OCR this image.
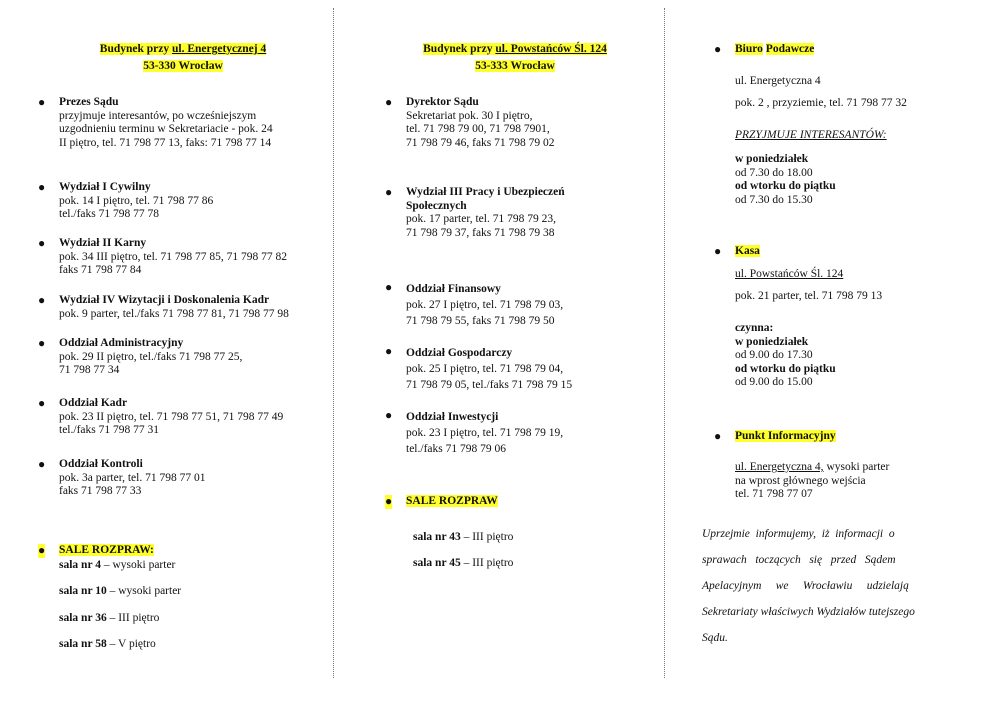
Budynek przy ul. Energetycznej 4
53-330 Wrocław
● Prezes Sądu
przyjmuje interesantów, po wcześniejszym
uzgodnieniu terminu w Sekretariacie - pok. 24
II piętro, tel. 71 798 77 13, faks: 71 798 77 14
● Wydział I Cywilny
pok. 14 I piętro, tel. 71 798 77 86
tel./faks 71 798 77 78
● Wydział II Karny
pok. 34 III piętro, tel. 71 798 77 85, 71 798 77 82
faks 71 798 77 84
● Wydział IV Wizytacji i Doskonalenia Kadr
pok. 9 parter, tel./faks 71 798 77 81, 71 798 77 98
● Oddział Administracyjny
pok. 29 II piętro, tel./faks 71 798 77 25,
71 798 77 34
● Oddział Kadr
pok. 23 II piętro, tel. 71 798 77 51, 71 798 77 49
tel./faks 71 798 77 31
● Oddział Kontroli
pok. 3a parter, tel. 71 798 77 01
faks 71 798 77 33
● SALE ROZPRAW:
sala nr 4 – wysoki parter
sala nr 10 – wysoki parter
sala nr 36 – III piętro
sala nr 58 – V piętro
Budynek przy ul. Powstańców Śl. 124
53-333 Wrocław
● Dyrektor Sądu
Sekretariat pok. 30 I piętro,
tel. 71 798 79 00, 71 798 7901,
71 798 79 46, faks 71 798 79 02
● Wydział III Pracy i Ubezpieczeń
Społecznych
pok. 17 parter, tel. 71 798 79 23,
71 798 79 37, faks 71 798 79 38
● Oddział Finansowy
pok. 27 I piętro, tel. 71 798 79 03,
71 798 79 55, faks 71 798 79 50
● Oddział Gospodarczy
pok. 25 I piętro, tel. 71 798 79 04,
71 798 79 05, tel./faks 71 798 79 15
● Oddział Inwestycji
pok. 23 I piętro, tel. 71 798 79 19,
tel./faks 71 798 79 06
● SALE ROZPRAW
sala nr 43 – III piętro
sala nr 45 – III piętro
● Biuro Podawcze
ul. Energetyczna 4
pok. 2 , przyziemie, tel. 71 798 77 32
PRZYJMUJE INTERESANTÓW:
w poniedziałek
od 7.30 do 18.00
od wtorku do piątku
od 7.30 do 15.30
● Kasa
ul. Powstańców Śl. 124
pok. 21 parter, tel. 71 798 79 13
czynna:
w poniedziałek
od 9.00 do 17.30
od wtorku do piątku
od 9.00 do 15.00
● Punkt Informacyjny
ul. Energetyczna 4, wysoki parter
na wprost głównego wejścia
tel. 71 798 77 07
Uprzejmie  informujemy,  iż  informacji  o
sprawach   toczących   się   przed   Sądem
Apelacyjnym     we     Wrocławiu     udzielają
Sekretariaty właściwych Wydziałów tutejszego
Sądu.
